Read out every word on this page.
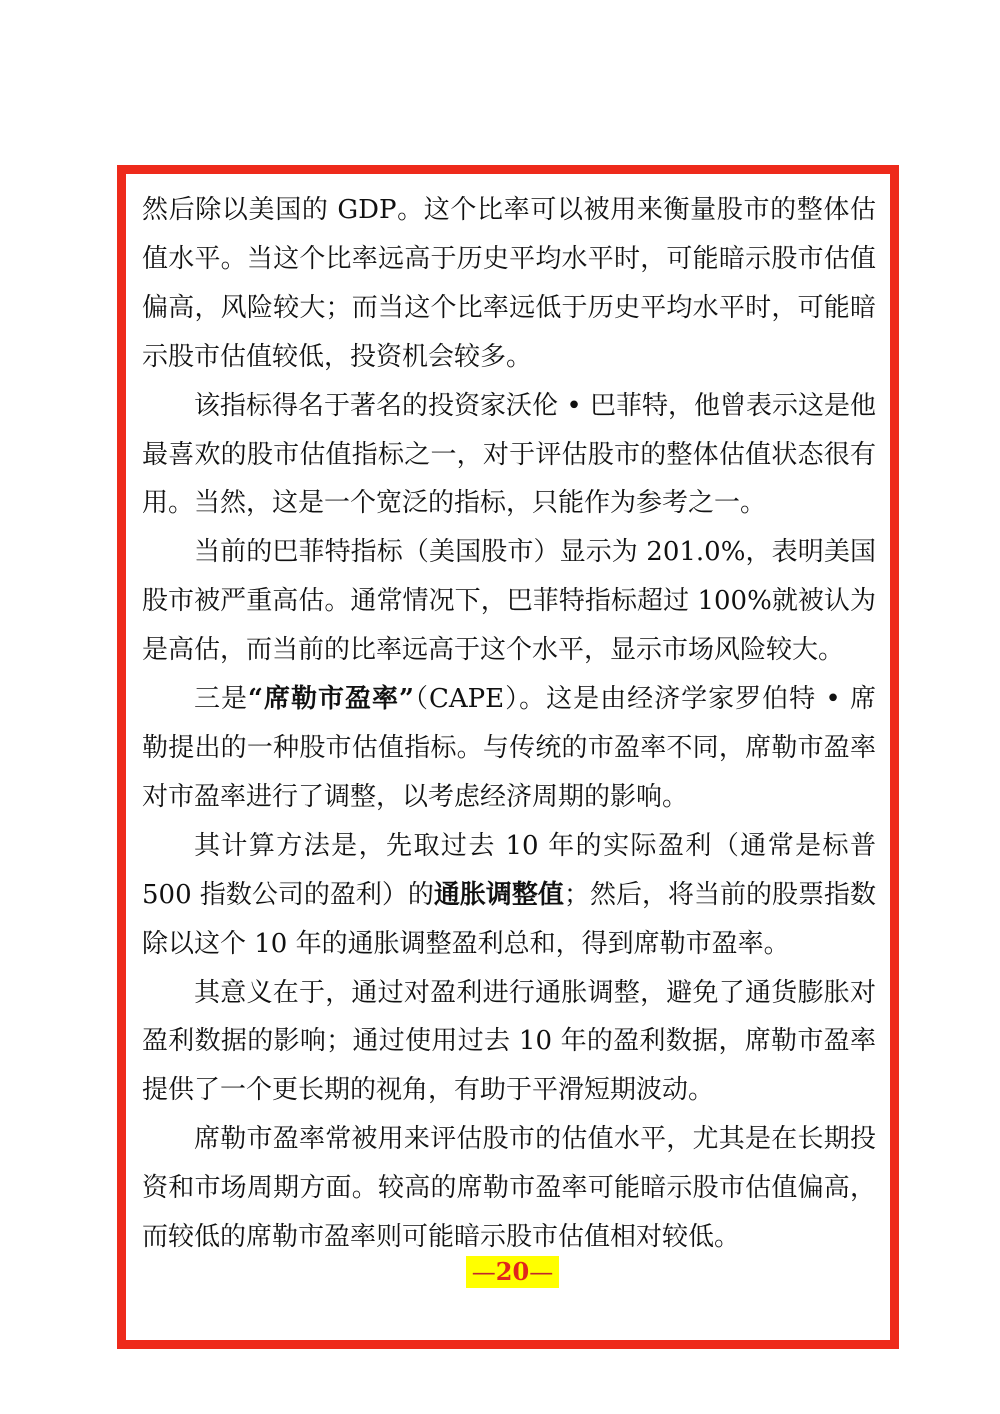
然后除以美国的 GDP。这个比率可以被用来衡量股市的整体估值水平。当这个比率远高于历史平均水平时，可能暗示股市估值偏高，风险较大；而当这个比率远低于历史平均水平时，可能暗示股市估值较低，投资机会较多。

该指标得名于著名的投资家沃伦 • 巴菲特，他曾表示这是他最喜欢的股市估值指标之一，对于评估股市的整体估值状态很有用。当然，这是一个宽泛的指标，只能作为参考之一。

当前的巴菲特指标（美国股市）显示为 201.0%，表明美国股市被严重高估。通常情况下，巴菲特指标超过 100%就被认为是高估，而当前的比率远高于这个水平，显示市场风险较大。

三是“席勒市盈率”（CAPE）。这是由经济学家罗伯特 • 席勒提出的一种股市估值指标。与传统的市盈率不同，席勒市盈率对市盈率进行了调整，以考虑经济周期的影响。

其计算方法是，先取过去 10 年的实际盈利（通常是标普 500 指数公司的盈利）的通胀调整值；然后，将当前的股票指数除以这个 10 年的通胀调整盈利总和，得到席勒市盈率。

其意义在于，通过对盈利进行通胀调整，避免了通货膨胀对盈利数据的影响；通过使用过去 10 年的盈利数据，席勒市盈率提供了一个更长期的视角，有助于平滑短期波动。

席勒市盈率常被用来评估股市的估值水平，尤其是在长期投资和市场周期方面。较高的席勒市盈率可能暗示股市估值偏高，而较低的席勒市盈率则可能暗示股市估值相对较低。

—20—
